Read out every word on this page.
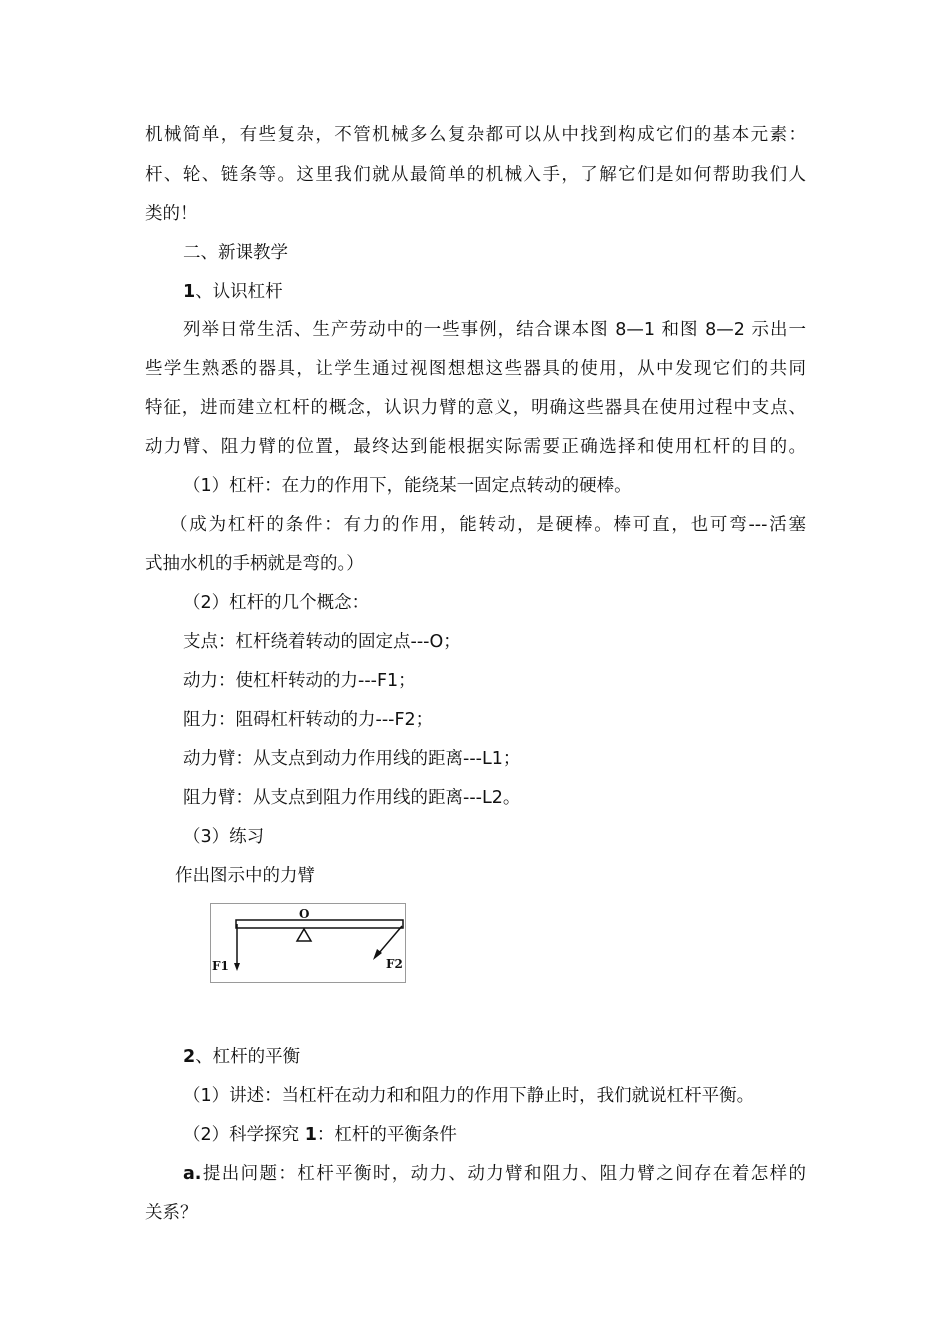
机械简单，有些复杂，不管机械多么复杂都可以从中找到构成它们的基本元素：
杆、轮、链条等。这里我们就从最简单的机械入手，了解它们是如何帮助我们人
类的！
二、新课教学
1、认识杠杆
列举日常生活、生产劳动中的一些事例，结合课本图 8—1 和图 8—2 示出一
些学生熟悉的器具，让学生通过视图想想这些器具的使用，从中发现它们的共同
特征，进而建立杠杆的概念，认识力臂的意义，明确这些器具在使用过程中支点、
动力臂、阻力臂的位置，最终达到能根据实际需要正确选择和使用杠杆的目的。
（1）杠杆：在力的作用下，能绕某一固定点转动的硬棒。
（成为杠杆的条件：有力的作用，能转动，是硬棒。棒可直，也可弯---活塞
式抽水机的手柄就是弯的。）
（2）杠杆的几个概念：
支点：杠杆绕着转动的固定点---O；
动力：使杠杆转动的力---F1；
阻力：阻碍杠杆转动的力---F2；
动力臂：从支点到动力作用线的距离---L1；
阻力臂：从支点到阻力作用线的距离---L2。
（3）练习
作出图示中的力臂
O
F1	F2
2、杠杆的平衡
（1）讲述：当杠杆在动力和和阻力的作用下静止时，我们就说杠杆平衡。
（2）科学探究 1：杠杆的平衡条件
a.提出问题：杠杆平衡时，动力、动力臂和阻力、阻力臂之间存在着怎样的
关系？
